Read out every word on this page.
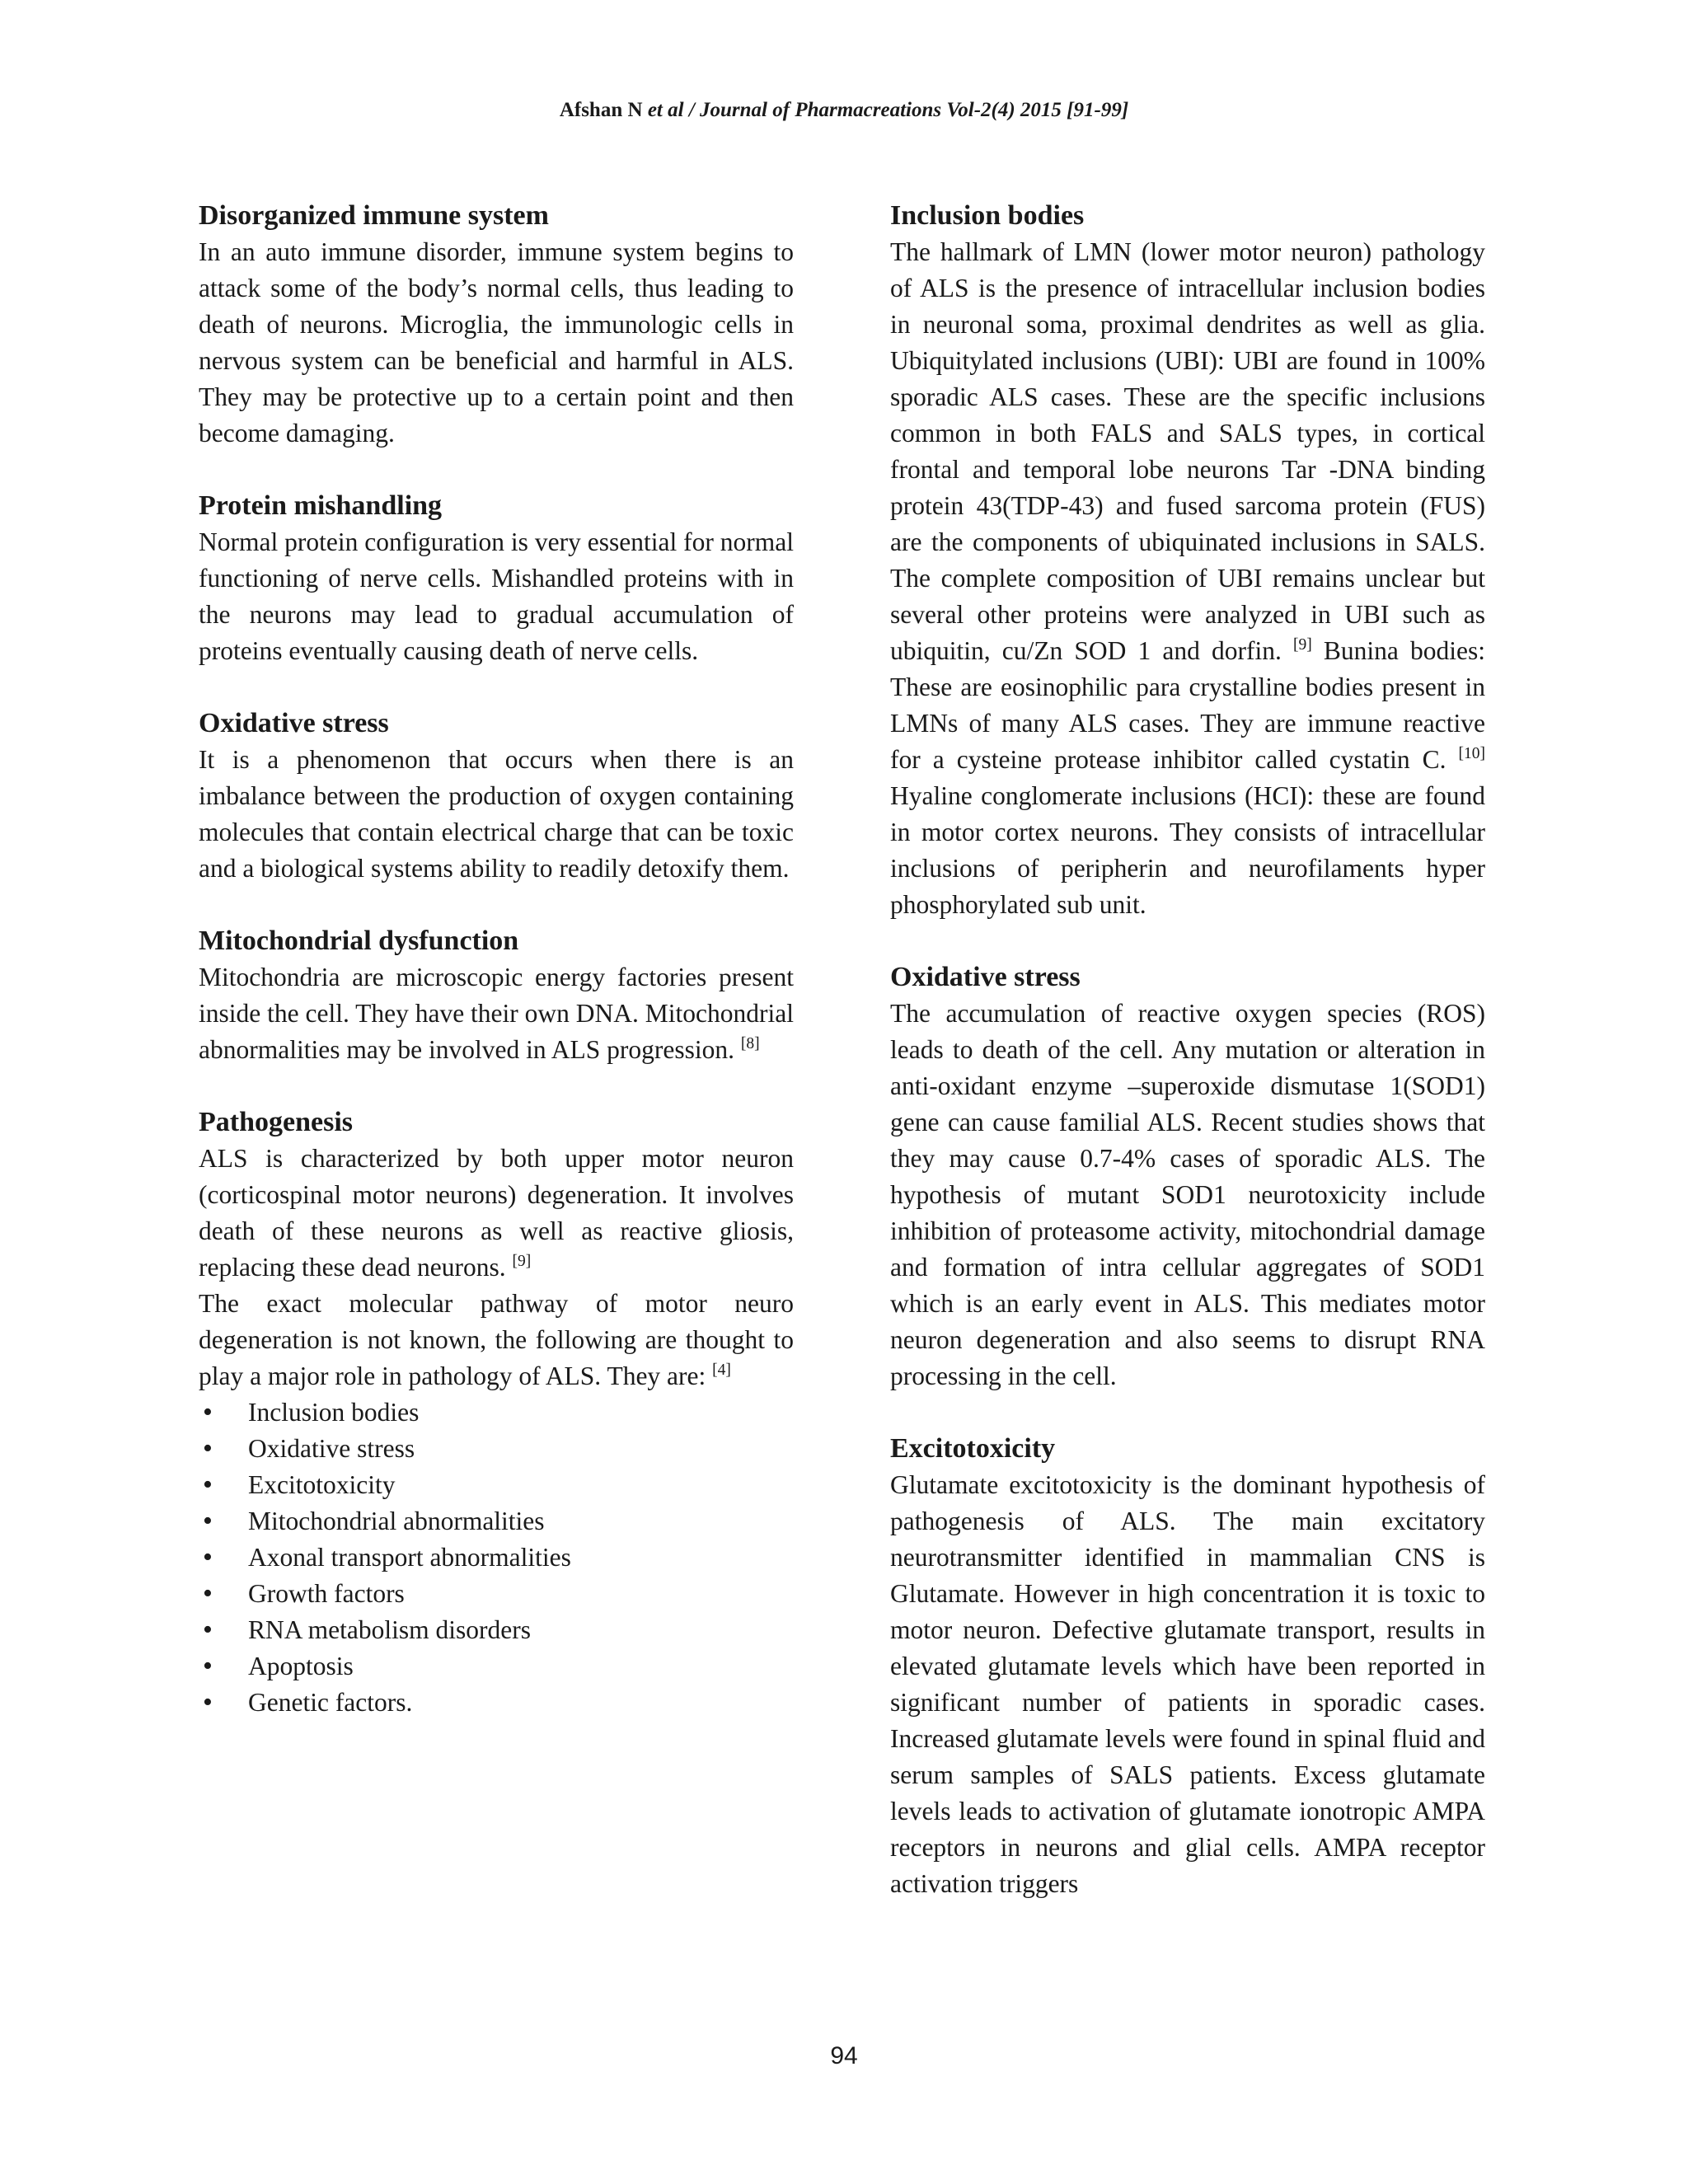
Afshan N et al / Journal of Pharmacreations Vol-2(4) 2015 [91-99]
Disorganized immune system

In an auto immune disorder, immune system begins to attack some of the body’s normal cells, thus leading to death of neurons. Microglia, the immunologic cells in nervous system can be beneficial and harmful in ALS. They may be protective up to a certain point and then become damaging.

Protein mishandling

Normal protein configuration is very essential for normal functioning of nerve cells. Mishandled proteins with in the neurons may lead to gradual accumulation of proteins eventually causing death of nerve cells.

Oxidative stress

It is a phenomenon that occurs when there is an imbalance between the production of oxygen containing molecules that contain electrical charge that can be toxic and a biological systems ability to readily detoxify them.

Mitochondrial dysfunction

Mitochondria are microscopic energy factories present inside the cell. They have their own DNA. Mitochondrial abnormalities may be involved in ALS progression. [8]

Pathogenesis

ALS is characterized by both upper motor neuron (corticospinal motor neurons) degeneration. It involves death of these neurons as well as reactive gliosis, replacing these dead neurons. [9]

The exact molecular pathway of motor neuro degeneration is not known, the following are thought to play a major role in pathology of ALS. They are: [4]

• Inclusion bodies
• Oxidative stress
• Excitotoxicity
• Mitochondrial abnormalities
• Axonal transport abnormalities
• Growth factors
• RNA metabolism disorders
• Apoptosis
• Genetic factors.
Inclusion bodies

The hallmark of LMN (lower motor neuron) pathology of ALS is the presence of intracellular inclusion bodies in neuronal soma, proximal dendrites as well as glia. Ubiquitylated inclusions (UBI): UBI are found in 100% sporadic ALS cases. These are the specific inclusions common in both FALS and SALS types, in cortical frontal and temporal lobe neurons Tar -DNA binding protein 43(TDP-43) and fused sarcoma protein (FUS) are the components of ubiquinated inclusions in SALS. The complete composition of UBI remains unclear but several other proteins were analyzed in UBI such as ubiquitin, cu/Zn SOD 1 and dorfin. [9] Bunina bodies: These are eosinophilic para crystalline bodies present in LMNs of many ALS cases. They are immune reactive for a cysteine protease inhibitor called cystatin C. [10] Hyaline conglomerate inclusions (HCI): these are found in motor cortex neurons. They consists of intracellular inclusions of peripherin and neurofilaments hyper phosphorylated sub unit.

Oxidative stress

The accumulation of reactive oxygen species (ROS) leads to death of the cell. Any mutation or alteration in anti-oxidant enzyme –superoxide dismutase 1(SOD1) gene can cause familial ALS. Recent studies shows that they may cause 0.7-4% cases of sporadic ALS. The hypothesis of mutant SOD1 neurotoxicity include inhibition of proteasome activity, mitochondrial damage and formation of intra cellular aggregates of SOD1 which is an early event in ALS. This mediates motor neuron degeneration and also seems to disrupt RNA processing in the cell.

Excitotoxicity

Glutamate excitotoxicity is the dominant hypothesis of pathogenesis of ALS. The main excitatory neurotransmitter identified in mammalian CNS is Glutamate. However in high concentration it is toxic to motor neuron. Defective glutamate transport, results in elevated glutamate levels which have been reported in significant number of patients in sporadic cases. Increased glutamate levels were found in spinal fluid and serum samples of SALS patients. Excess glutamate levels leads to activation of glutamate ionotropic AMPA receptors in neurons and glial cells. AMPA receptor activation triggers

94
